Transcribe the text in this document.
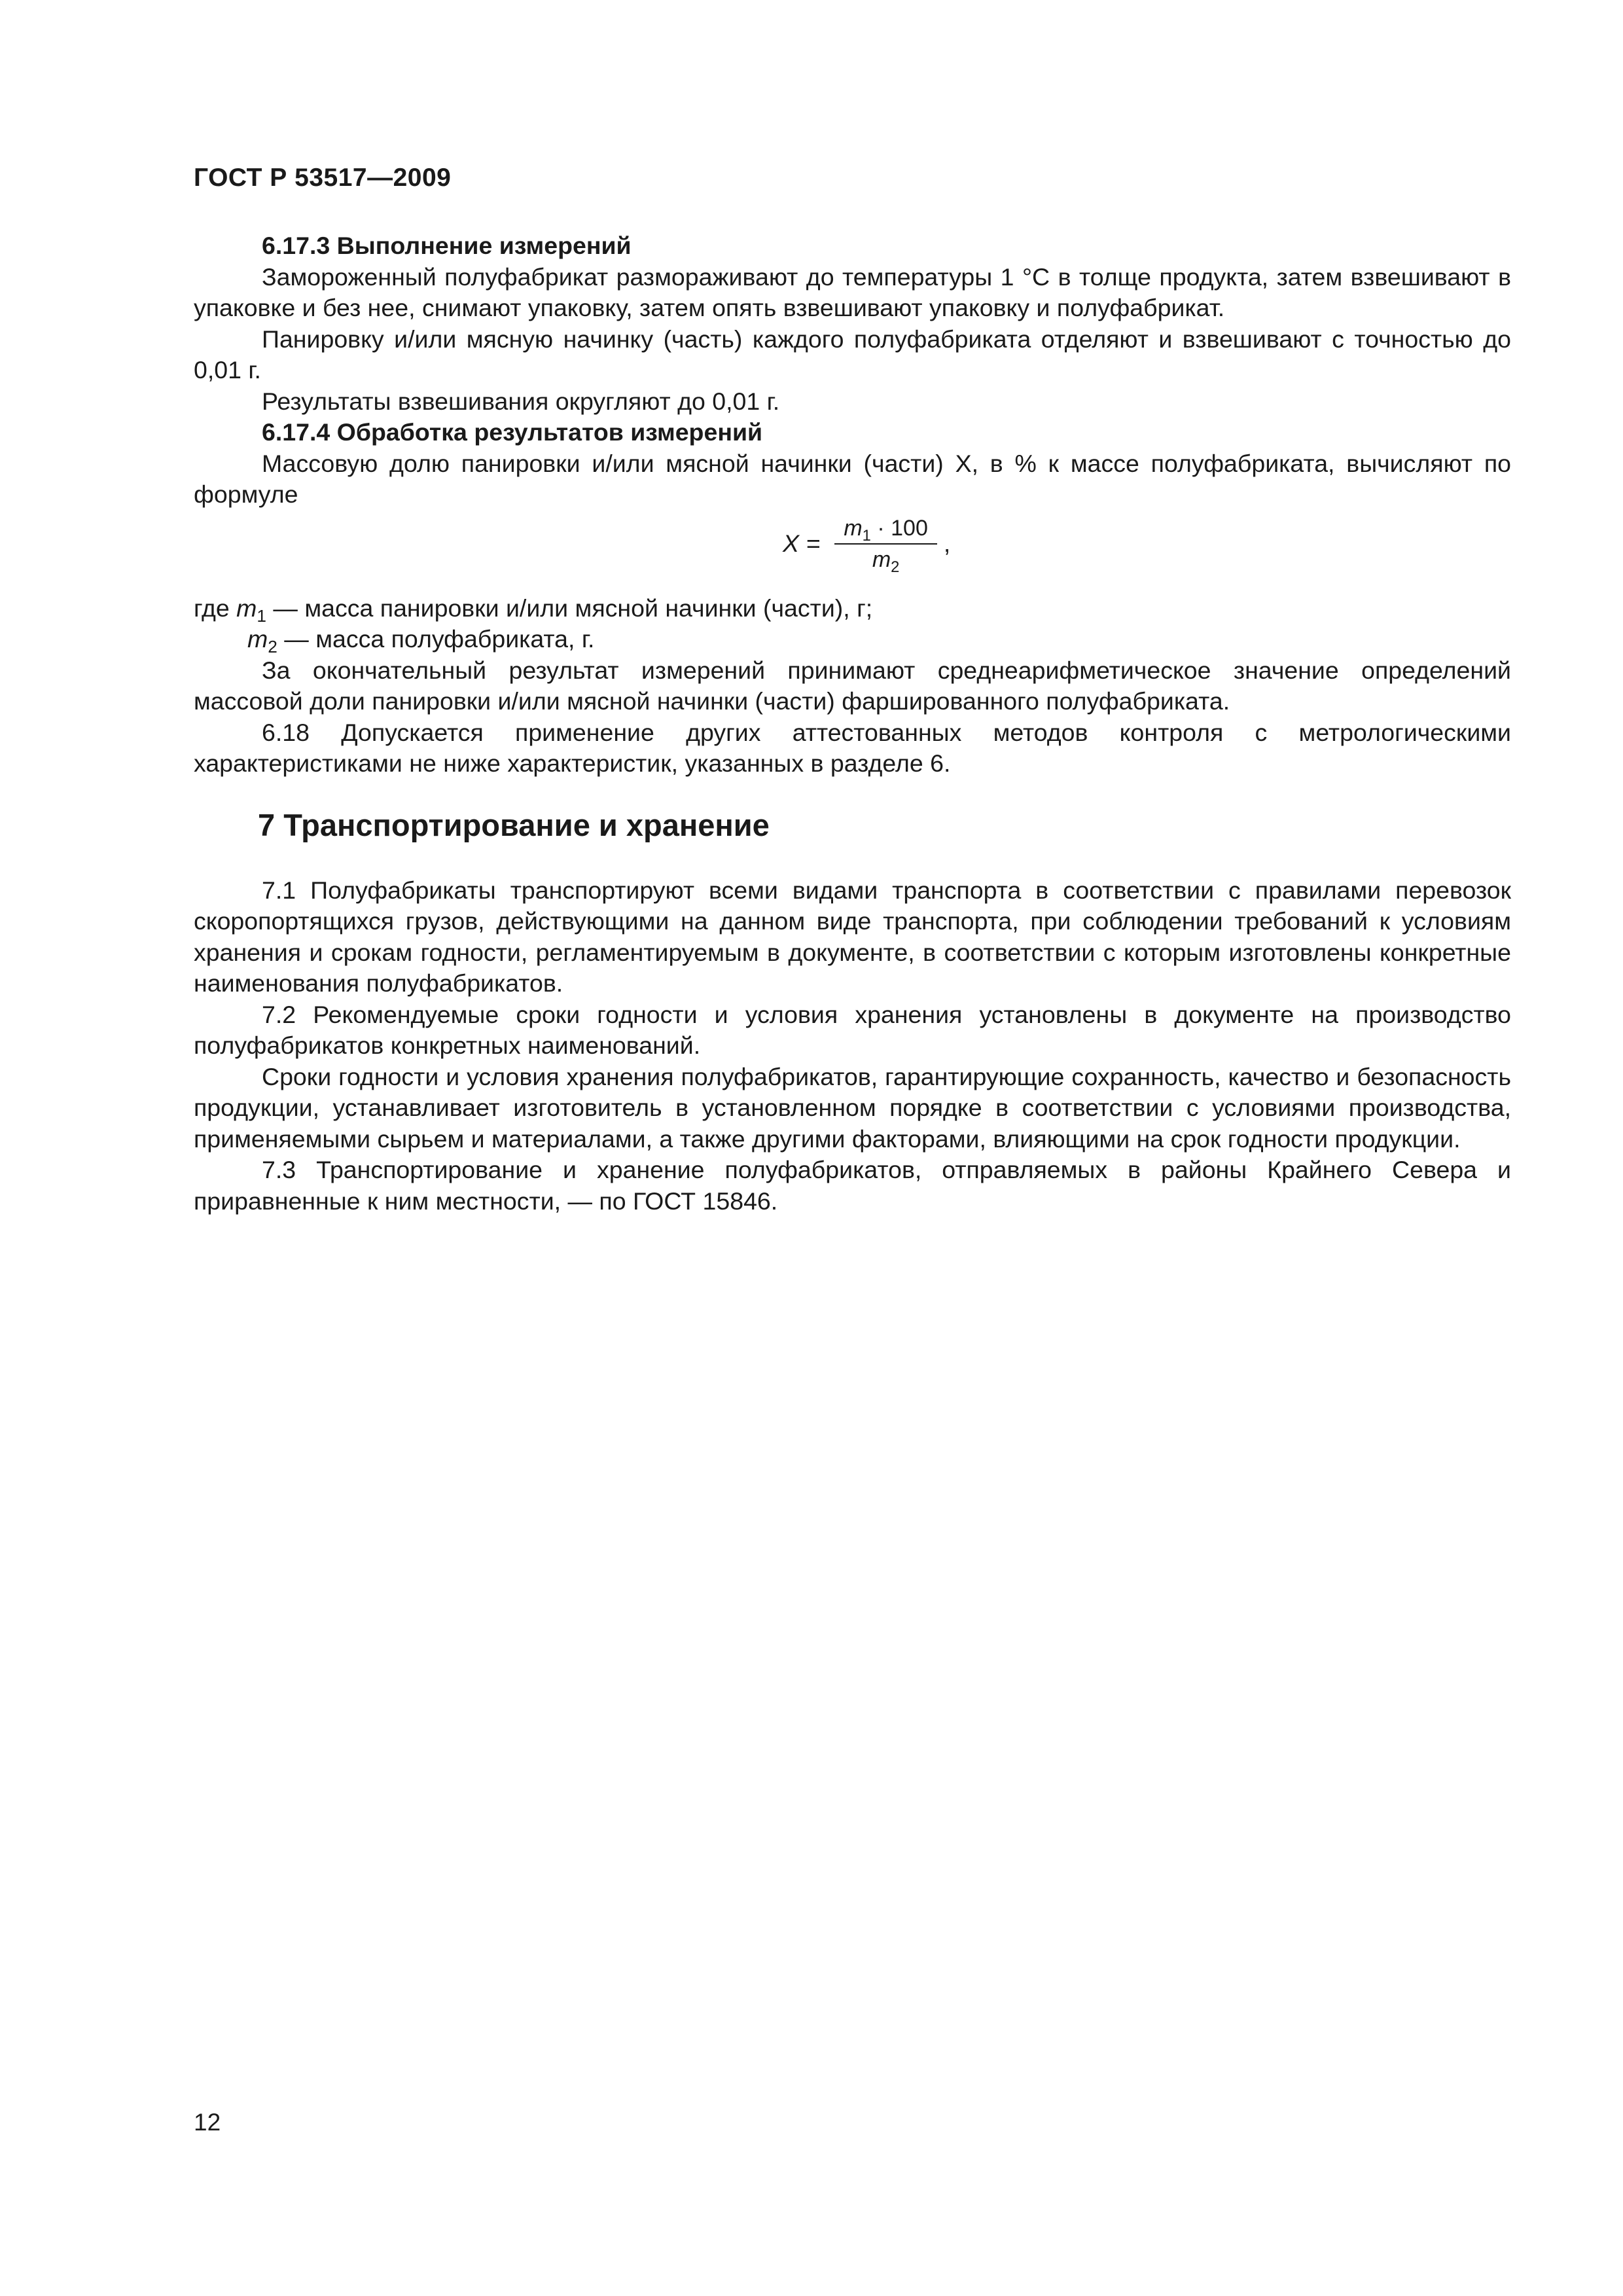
ГОСТ Р 53517—2009

6.17.3 Выполнение измерений

Замороженный полуфабрикат размораживают до температуры 1 °С в толще продукта, затем взвешивают в упаковке и без нее, снимают упаковку, затем опять взвешивают упаковку и полуфабрикат.

Панировку и/или мясную начинку (часть) каждого полуфабриката отделяют и взвешивают с точностью до 0,01 г.

Результаты взвешивания округляют до 0,01 г.

6.17.4 Обработка результатов измерений

Массовую долю панировки и/или мясной начинки (части) X, в % к массе полуфабриката, вычисляют по формуле

$X = \frac{m_1 \cdot 100}{m_2}$ ,

где $m_1$ — масса панировки и/или мясной начинки (части), г;

$m_2$ — масса полуфабриката, г.

За окончательный результат измерений принимают среднеарифметическое значение определений массовой доли панировки и/или мясной начинки (части) фаршированного полуфабриката.

6.18 Допускается применение других аттестованных методов контроля с метрологическими характеристиками не ниже характеристик, указанных в разделе 6.

7 Транспортирование и хранение

7.1 Полуфабрикаты транспортируют всеми видами транспорта в соответствии с правилами перевозок скоропортящихся грузов, действующими на данном виде транспорта, при соблюдении требований к условиям хранения и срокам годности, регламентируемым в документе, в соответствии с которым изготовлены конкретные наименования полуфабрикатов.

7.2 Рекомендуемые сроки годности и условия хранения установлены в документе на производство полуфабрикатов конкретных наименований.

Сроки годности и условия хранения полуфабрикатов, гарантирующие сохранность, качество и безопасность продукции, устанавливает изготовитель в установленном порядке в соответствии с условиями производства, применяемыми сырьем и материалами, а также другими факторами, влияющими на срок годности продукции.

7.3 Транспортирование и хранение полуфабрикатов, отправляемых в районы Крайнего Севера и приравненные к ним местности, — по ГОСТ 15846.

12
